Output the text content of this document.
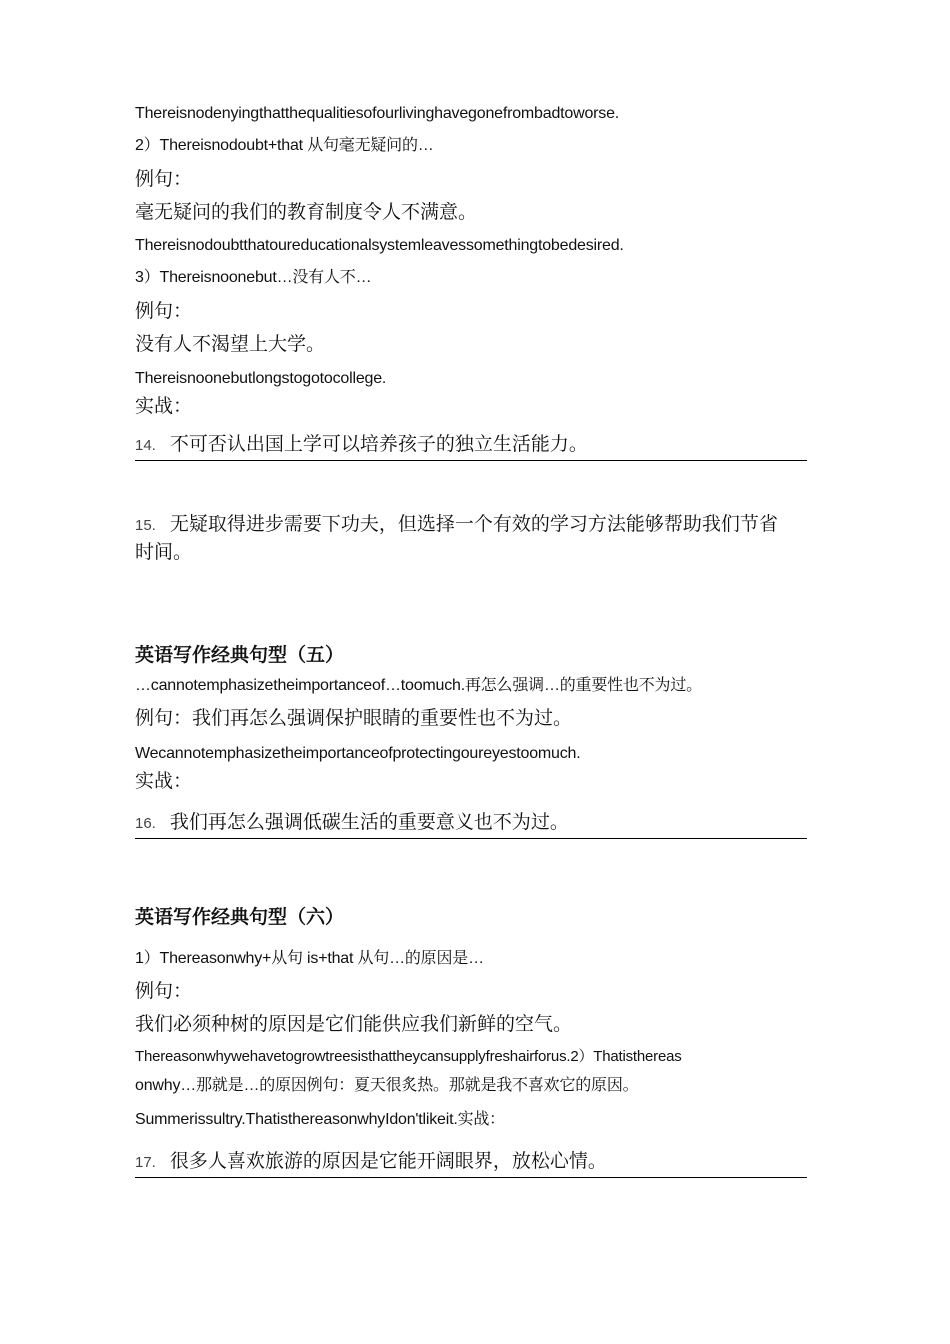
Thereisnodenyingthatthequalitiesofourlivinghavegonefrombadtoworse.
2）Thereisnodoubt+that 从句毫无疑问的…
例句：
毫无疑问的我们的教育制度令人不满意。
Thereisnodoubtthatoureducationalsystemleavessomethingtobedesired.
3）Thereisnoonebut…没有人不…
例句：
没有人不渴望上大学。
Thereisnoonebutlongstogotocollege.
实战：
14. 不可否认出国上学可以培养孩子的独立生活能力。
15. 无疑取得进步需要下功夫，但选择一个有效的学习方法能够帮助我们节省时间。
英语写作经典句型（五）
…cannotemphasizetheimportanceof…toomuch.再怎么强调…的重要性也不为过。
例句：我们再怎么强调保护眼睛的重要性也不为过。
Wecannotemphasizetheimportanceofprotectingoureyestoomuch.
实战：
16. 我们再怎么强调低碳生活的重要意义也不为过。
英语写作经典句型（六）
1）Thereasonwhy+从句 is+that 从句…的原因是…
例句：
我们必须种树的原因是它们能供应我们新鲜的空气。
Thereasonwhywehavetogrowtreesisthattheycansupplyfreshairforus.2）Thatisthereas
onwhy…那就是…的原因例句：夏天很炙热。那就是我不喜欢它的原因。
Summerissultry.ThatisthereasonwhyIdon'tlikeit.实战：
17. 很多人喜欢旅游的原因是它能开阔眼界，放松心情。
